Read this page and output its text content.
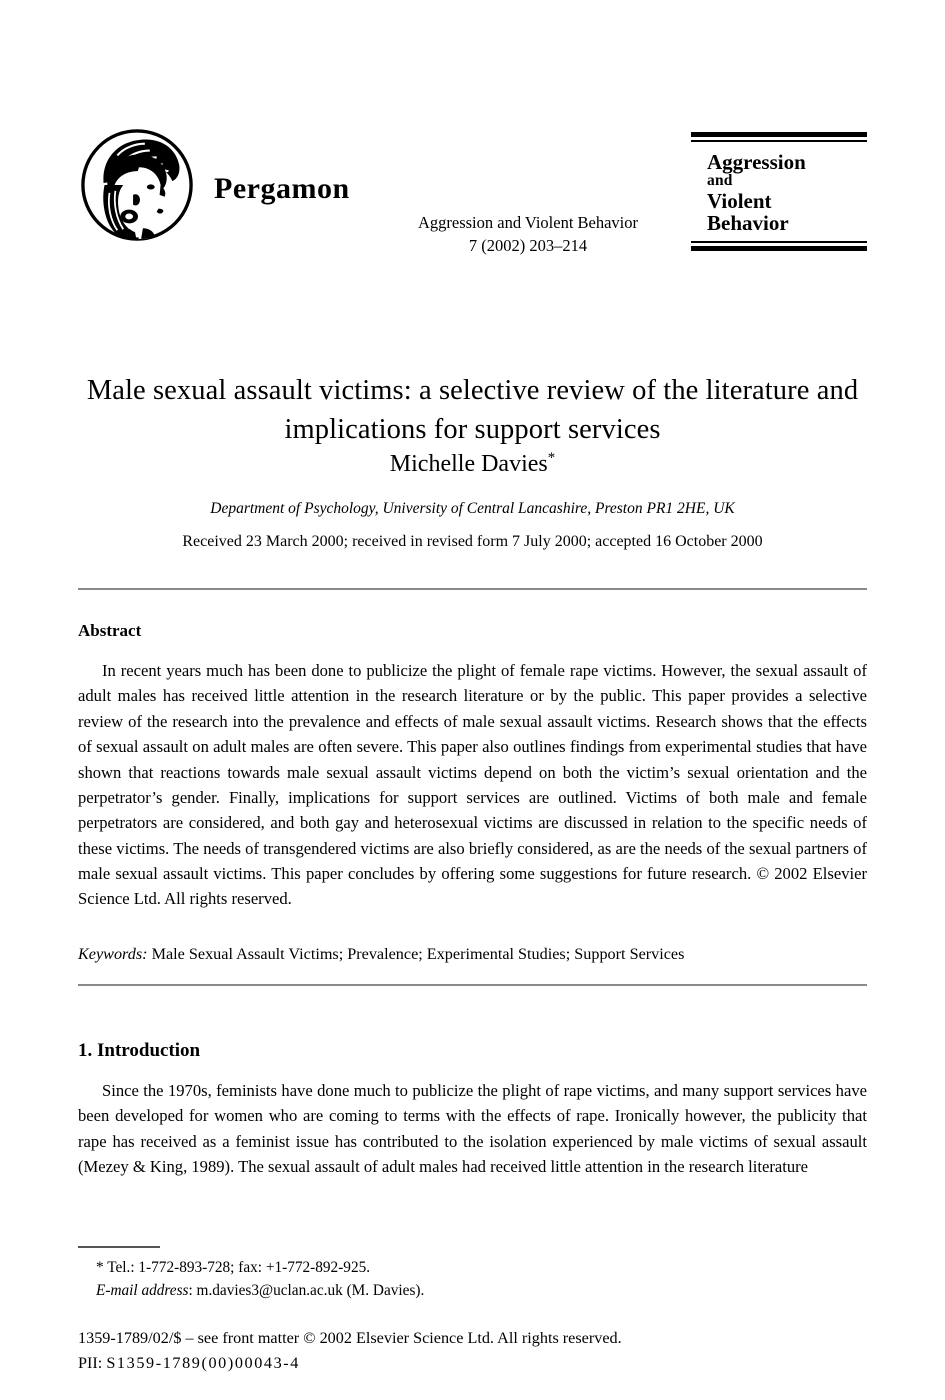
Pergamon
Aggression and Violent Behavior
7 (2002) 203–214
Aggression
and
Violent
Behavior
Male sexual assault victims: a selective review of the literature and implications for support services
Michelle Davies*
Department of Psychology, University of Central Lancashire, Preston PR1 2HE, UK
Received 23 March 2000; received in revised form 7 July 2000; accepted 16 October 2000
Abstract
In recent years much has been done to publicize the plight of female rape victims. However, the sexual assault of adult males has received little attention in the research literature or by the public. This paper provides a selective review of the research into the prevalence and effects of male sexual assault victims. Research shows that the effects of sexual assault on adult males are often severe. This paper also outlines findings from experimental studies that have shown that reactions towards male sexual assault victims depend on both the victim’s sexual orientation and the perpetrator’s gender. Finally, implications for support services are outlined. Victims of both male and female perpetrators are considered, and both gay and heterosexual victims are discussed in relation to the specific needs of these victims. The needs of transgendered victims are also briefly considered, as are the needs of the sexual partners of male sexual assault victims. This paper concludes by offering some suggestions for future research. © 2002 Elsevier Science Ltd. All rights reserved.
Keywords: Male Sexual Assault Victims; Prevalence; Experimental Studies; Support Services
1. Introduction
Since the 1970s, feminists have done much to publicize the plight of rape victims, and many support services have been developed for women who are coming to terms with the effects of rape. Ironically however, the publicity that rape has received as a feminist issue has contributed to the isolation experienced by male victims of sexual assault (Mezey & King, 1989). The sexual assault of adult males had received little attention in the research literature
* Tel.: 1-772-893-728; fax: +1-772-892-925.
E-mail address: m.davies3@uclan.ac.uk (M. Davies).
1359-1789/02/$ – see front matter © 2002 Elsevier Science Ltd. All rights reserved.
PII: S1359-1789(00)00043-4
